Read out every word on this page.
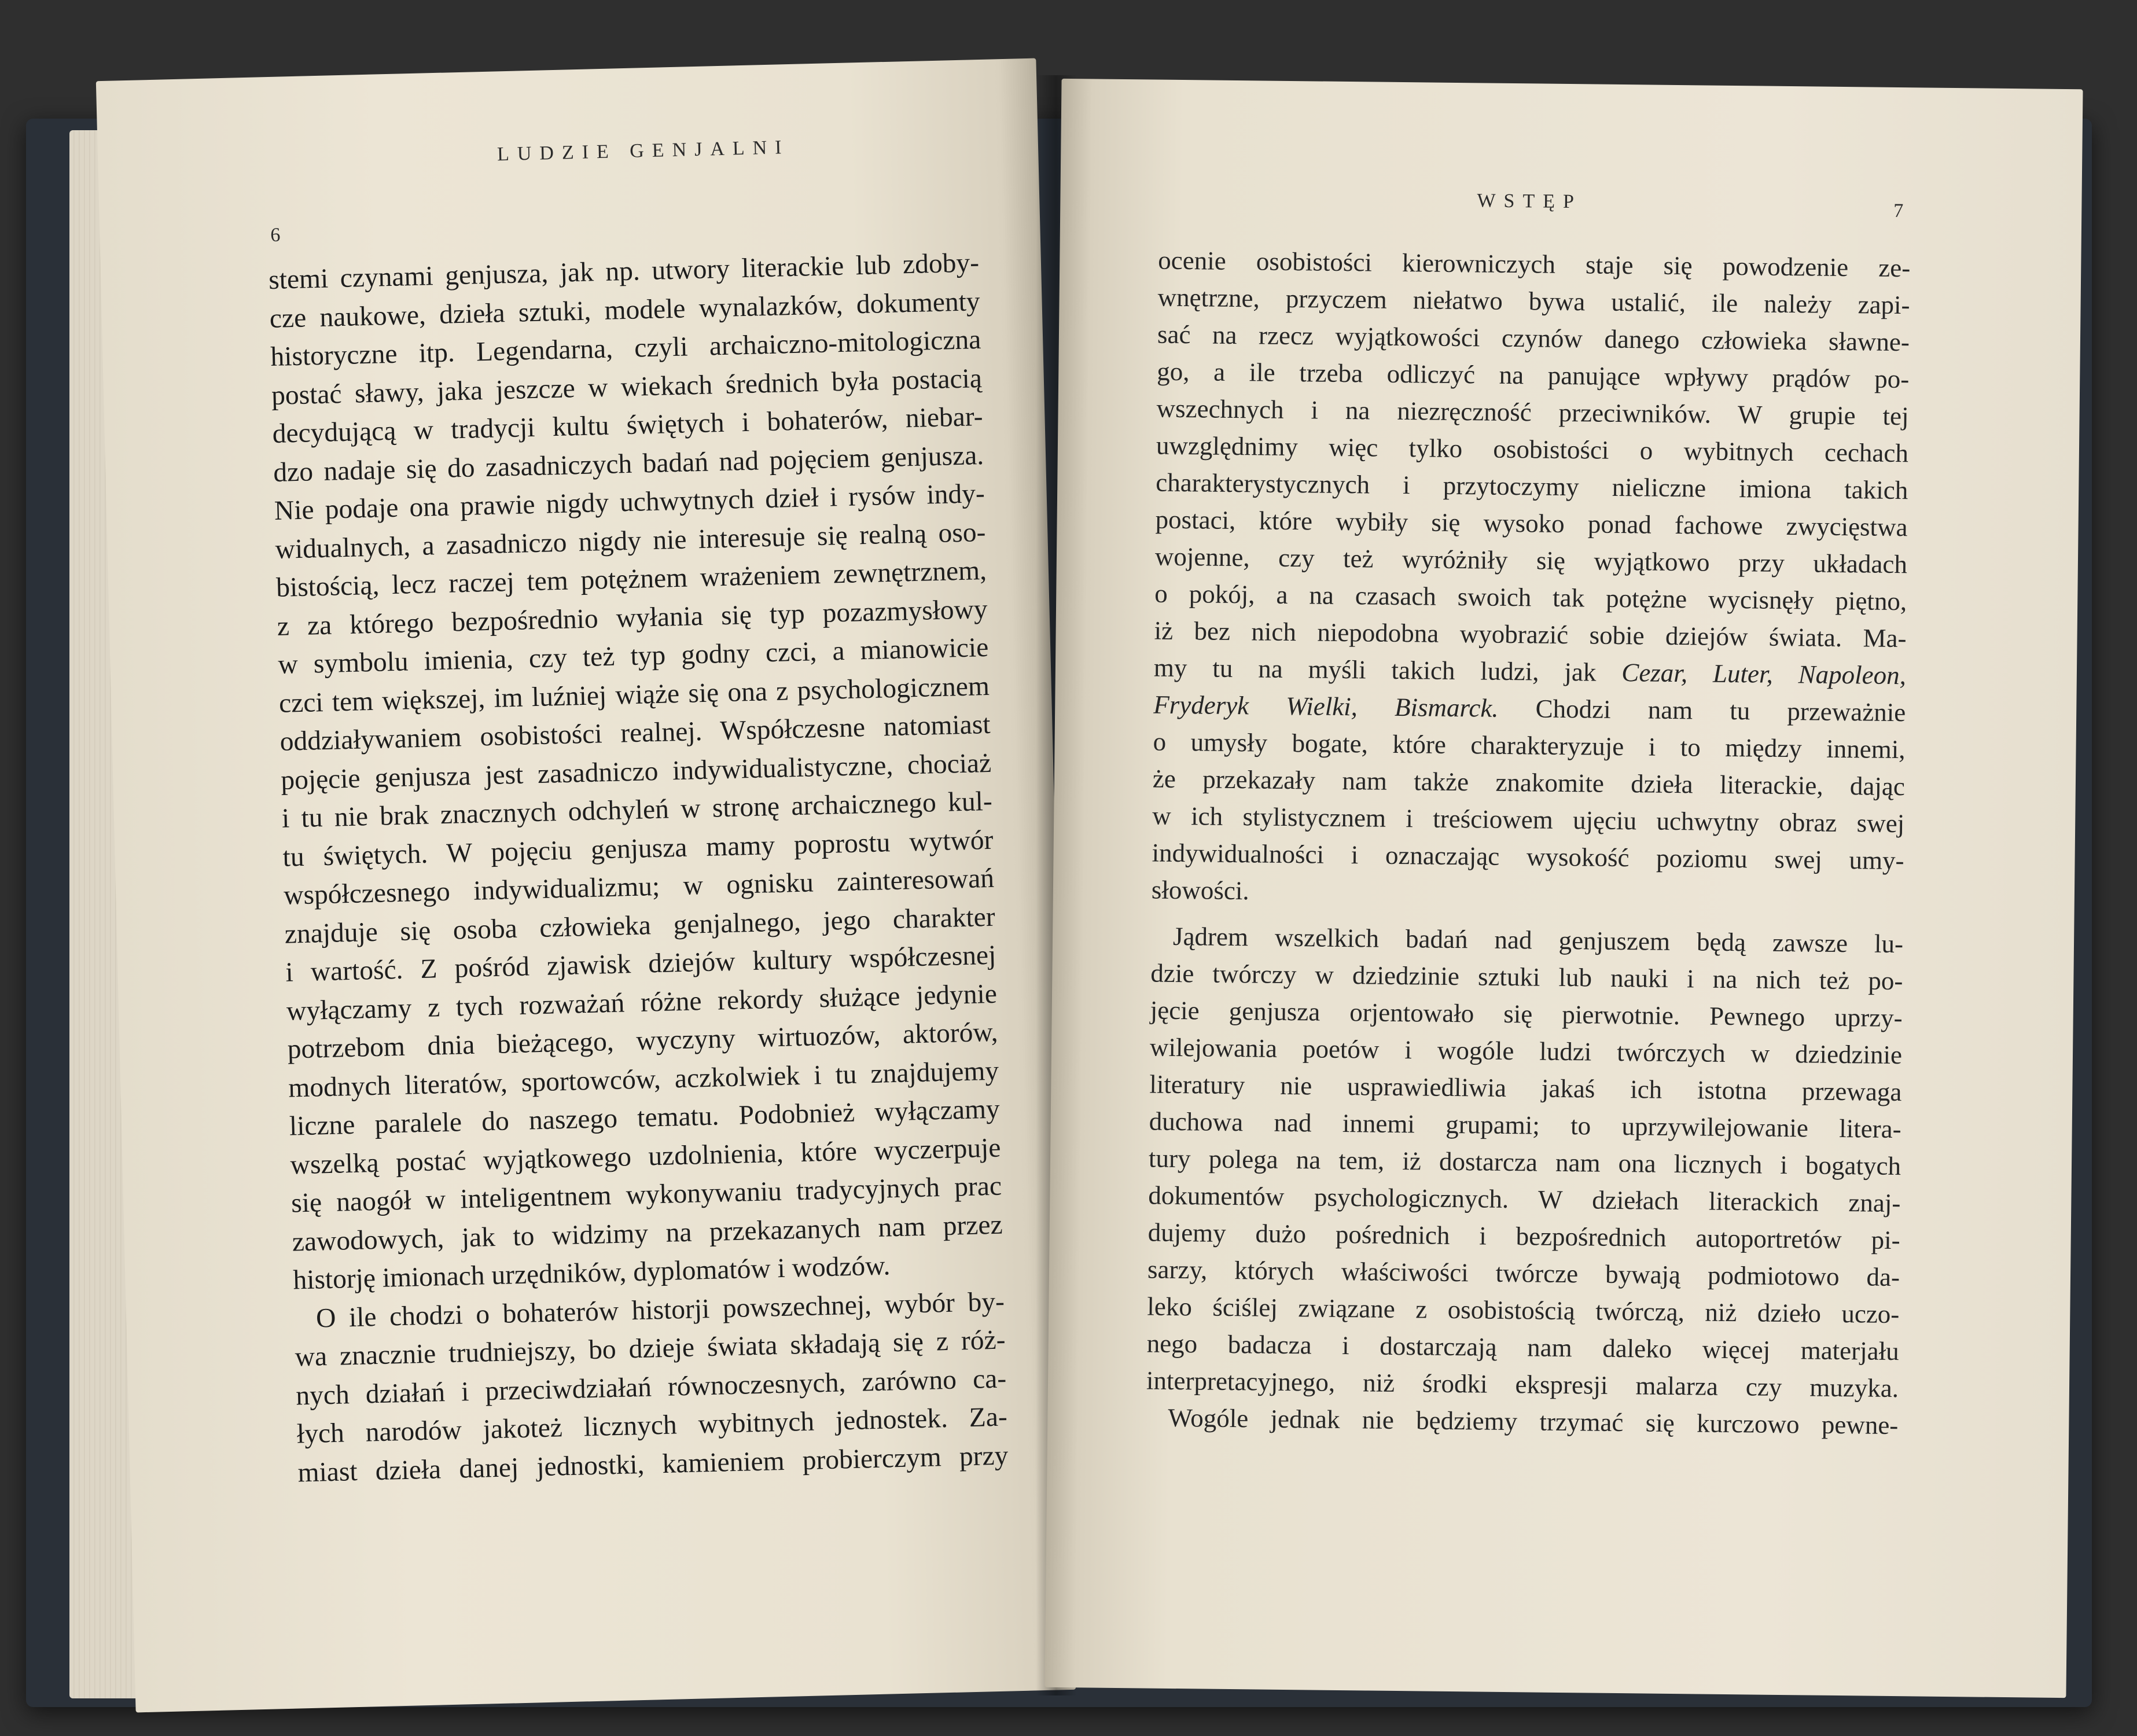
LUDZIE GENJALNI
6
stemi czynami genjusza, jak np. utwory literackie lub zdoby-
cze naukowe, dzieła sztuki, modele wynalazków, dokumenty
historyczne itp. Legendarna, czyli archaiczno-mitologiczna
postać sławy, jaka jeszcze w wiekach średnich była postacią
decydującą w tradycji kultu świętych i bohaterów, niebar-
dzo nadaje się do zasadniczych badań nad pojęciem genjusza.
Nie podaje ona prawie nigdy uchwytnych dzieł i rysów indy-
widualnych, a zasadniczo nigdy nie interesuje się realną oso-
bistością, lecz raczej tem potężnem wrażeniem zewnętrznem,
z za którego bezpośrednio wyłania się typ pozazmysłowy
w symbolu imienia, czy też typ godny czci, a mianowicie
czci tem większej, im luźniej wiąże się ona z psychologicznem
oddziaływaniem osobistości realnej. Współczesne natomiast
pojęcie genjusza jest zasadniczo indywidualistyczne, chociaż
i tu nie brak znacznych odchyleń w stronę archaicznego kul-
tu świętych. W pojęciu genjusza mamy poprostu wytwór
współczesnego indywidualizmu; w ognisku zainteresowań
znajduje się osoba człowieka genjalnego, jego charakter
i wartość. Z pośród zjawisk dziejów kultury współczesnej
wyłączamy z tych rozważań różne rekordy służące jedynie
potrzebom dnia bieżącego, wyczyny wirtuozów, aktorów,
modnych literatów, sportowców, aczkolwiek i tu znajdujemy
liczne paralele do naszego tematu. Podobnież wyłączamy
wszelką postać wyjątkowego uzdolnienia, które wyczerpuje
się naogół w inteligentnem wykonywaniu tradycyjnych prac
zawodowych, jak to widzimy na przekazanych nam przez
historję imionach urzędników, dyplomatów i wodzów.
O ile chodzi o bohaterów historji powszechnej, wybór by-
wa znacznie trudniejszy, bo dzieje świata składają się z róż-
nych działań i przeciwdziałań równoczesnych, zarówno ca-
łych narodów jakoteż licznych wybitnych jednostek. Za-
miast dzieła danej jednostki, kamieniem probierczym przy
WSTĘP	7
ocenie osobistości kierowniczych staje się powodzenie ze-
wnętrzne, przyczem niełatwo bywa ustalić, ile należy zapi-
sać na rzecz wyjątkowości czynów danego człowieka sławne-
go, a ile trzeba odliczyć na panujące wpływy prądów po-
wszechnych i na niezręczność przeciwników. W grupie tej
uwzględnimy więc tylko osobistości o wybitnych cechach
charakterystycznych i przytoczymy nieliczne imiona takich
postaci, które wybiły się wysoko ponad fachowe zwycięstwa
wojenne, czy też wyróżniły się wyjątkowo przy układach
o pokój, a na czasach swoich tak potężne wycisnęły piętno,
iż bez nich niepodobna wyobrazić sobie dziejów świata. Ma-
my tu na myśli takich ludzi, jak Cezar, Luter, Napoleon,
Fryderyk Wielki, Bismarck. Chodzi nam tu przeważnie
o umysły bogate, które charakteryzuje i to między innemi,
że przekazały nam także znakomite dzieła literackie, dając
w ich stylistycznem i treściowem ujęciu uchwytny obraz swej
indywidualności i oznaczając wysokość poziomu swej umy-
słowości.
Jądrem wszelkich badań nad genjuszem będą zawsze lu-
dzie twórczy w dziedzinie sztuki lub nauki i na nich też po-
jęcie genjusza orjentowało się pierwotnie. Pewnego uprzy-
wilejowania poetów i wogóle ludzi twórczych w dziedzinie
literatury nie usprawiedliwia jakaś ich istotna przewaga
duchowa nad innemi grupami; to uprzywilejowanie litera-
tury polega na tem, iż dostarcza nam ona licznych i bogatych
dokumentów psychologicznych. W dziełach literackich znaj-
dujemy dużo pośrednich i bezpośrednich autoportretów pi-
sarzy, których właściwości twórcze bywają podmiotowo da-
leko ściślej związane z osobistością twórczą, niż dzieło uczo-
nego badacza i dostarczają nam daleko więcej materjału
interpretacyjnego, niż środki ekspresji malarza czy muzyka.
Wogóle jednak nie będziemy trzymać się kurczowo pewne-
